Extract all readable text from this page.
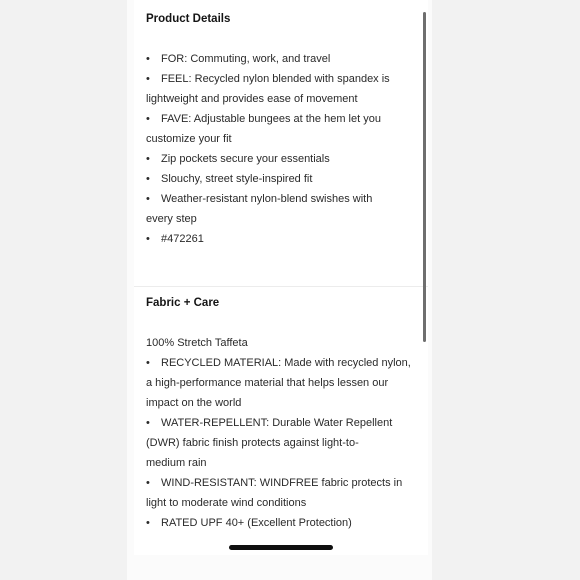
Product Details
• FOR: Commuting, work, and travel
• FEEL: Recycled nylon blended with spandex is
lightweight and provides ease of movement
• FAVE: Adjustable bungees at the hem let you
customize your fit
• Zip pockets secure your essentials
• Slouchy, street style-inspired fit
• Weather-resistant nylon-blend swishes with
every step
• #472261
Fabric + Care
100% Stretch Taffeta
• RECYCLED MATERIAL: Made with recycled nylon,
a high-performance material that helps lessen our
impact on the world
• WATER-REPELLENT: Durable Water Repellent
(DWR) fabric finish protects against light-to-
medium rain
• WIND-RESISTANT: WINDFREE fabric protects in
light to moderate wind conditions
• RATED UPF 40+ (Excellent Protection)
